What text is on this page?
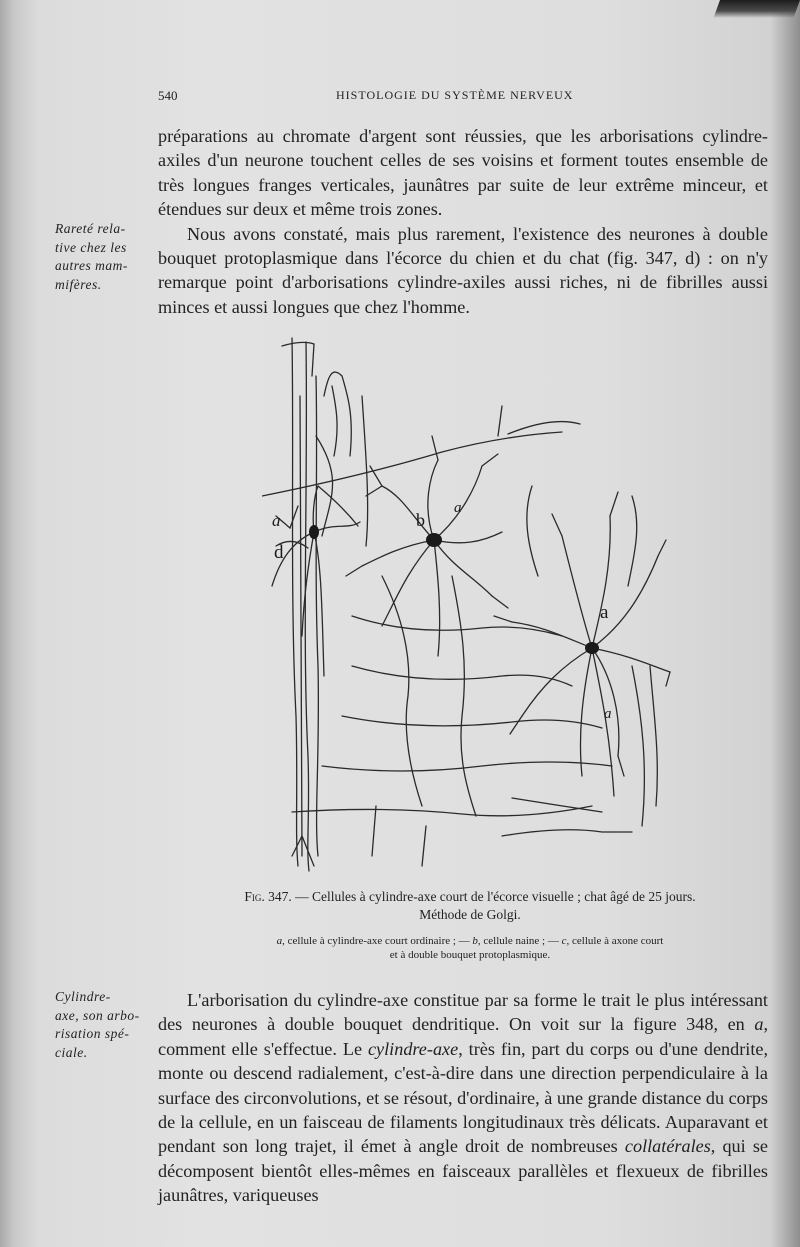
540	HISTOLOGIE DU SYSTÈME NERVEUX

préparations au chromate d'argent sont réussies, que les arborisations cylindre-axiles d'un neurone touchent celles de ses voisins et forment toutes ensemble de très longues franges verticales, jaunâtres par suite de leur extrême minceur, et étendues sur deux et même trois zones.

Nous avons constaté, mais plus rarement, l'existence des neurones à double bouquet protoplasmique dans l'écorce du chien et du chat (fig. 347, d) : on n'y remarque point d'arborisations cylindre-axiles aussi riches, ni de fibrilles aussi minces et aussi longues que chez l'homme.

Rareté rela-
tive chez les
autres mam-
mifères.
a
d
b
a
a
a
Fig. 347. — Cellules à cylindre-axe court de l'écorce visuelle ; chat âgé de 25 jours.
Méthode de Golgi.
a, cellule à cylindre-axe court ordinaire ; — b, cellule naine ; — c, cellule à axone court
et à double bouquet protoplasmique.
Cylindre-
axe, son arbo-
risation spé-
ciale.

L'arborisation du cylindre-axe constitue par sa forme le trait le plus intéressant des neurones à double bouquet dendritique. On voit sur la figure 348, en a, comment elle s'effectue. Le cylindre-axe, très fin, part du corps ou d'une dendrite, monte ou descend radialement, c'est-à-dire dans une direction perpendiculaire à la surface des circonvolutions, et se résout, d'ordinaire, à une grande distance du corps de la cellule, en un faisceau de filaments longitudinaux très délicats. Auparavant et pendant son long trajet, il émet à angle droit de nombreuses collatérales, qui se décomposent bientôt elles-mêmes en faisceaux parallèles et flexueux de fibrilles jaunâtres, variqueuses
